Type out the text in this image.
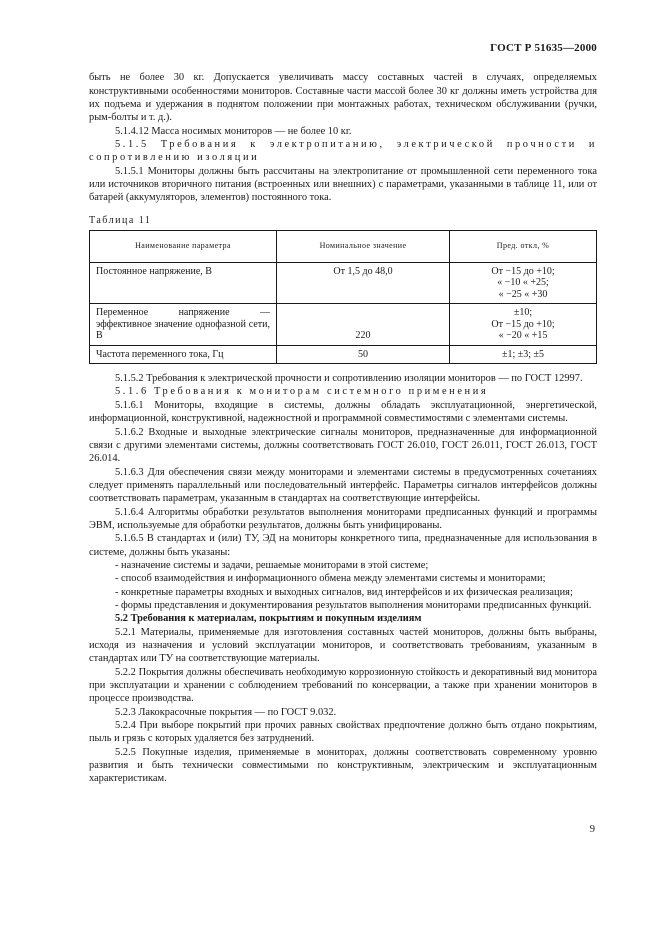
ГОСТ Р 51635—2000

быть не более 30 кг. Допускается увеличивать массу составных частей в случаях, определяемых конструктивными особенностями мониторов. Составные части массой более 30 кг должны иметь устройства для их подъема и удержания в поднятом положении при монтажных работах, техническом обслуживании (ручки, рым-болты и т. д.).

5.1.4.12 Масса носимых мониторов — не более 10 кг.

5.1.5 Требования к электропитанию, электрической прочности и сопротивлению изоляции

5.1.5.1 Мониторы должны быть рассчитаны на электропитание от промышленной сети переменного тока или источников вторичного питания (встроенных или внешних) с параметрами, указанными в таблице 11, или от батарей (аккумуляторов, элементов) постоянного тока.

Таблица 11
Наименование параметра	Номинальное значение	Пред. откл, %
Постоянное напряжение, В	От 1,5 до 48,0	От −15 до +10;
« −10 « +25;
« −25 « +30

Переменное напряжение — эффективное значение однофазной сети, В	220	±10;
От −15 до +10;
« −20 « +15

Частота переменного тока, Гц	50	±1; ±3; ±5

5.1.5.2 Требования к электрической прочности и сопротивлению изоляции мониторов — по ГОСТ 12997.

5.1.6 Требования к мониторам системного применения

5.1.6.1 Мониторы, входящие в системы, должны обладать эксплуатационной, энергетической, информационной, конструктивной, надежностной и программной совместимостями с элементами системы.

5.1.6.2 Входные и выходные электрические сигналы мониторов, предназначенные для информационной связи с другими элементами системы, должны соответствовать ГОСТ 26.010, ГОСТ 26.011, ГОСТ 26.013, ГОСТ 26.014.

5.1.6.3 Для обеспечения связи между мониторами и элементами системы в предусмотренных сочетаниях следует применять параллельный или последовательный интерфейс. Параметры сигналов интерфейсов должны соответствовать параметрам, указанным в стандартах на соответствующие интерфейсы.

5.1.6.4 Алгоритмы обработки результатов выполнения мониторами предписанных функций и программы ЭВМ, используемые для обработки результатов, должны быть унифицированы.

5.1.6.5 В стандартах и (или) ТУ, ЭД на мониторы конкретного типа, предназначенные для использования в системе, должны быть указаны:

- назначение системы и задачи, решаемые мониторами в этой системе;

- способ взаимодействия и информационного обмена между элементами системы и мониторами;

- конкретные параметры входных и выходных сигналов, вид интерфейсов и их физическая реализация;

- формы представления и документирования результатов выполнения мониторами предписанных функций.

5.2 Требования к материалам, покрытиям и покупным изделиям

5.2.1 Материалы, применяемые для изготовления составных частей мониторов, должны быть выбраны, исходя из назначения и условий эксплуатации мониторов, и соответствовать требованиям, указанным в стандартах или ТУ на соответствующие материалы.

5.2.2 Покрытия должны обеспечивать необходимую коррозионную стойкость и декоративный вид монитора при эксплуатации и хранении с соблюдением требований по консервации, а также при хранении мониторов в процессе производства.

5.2.3 Лакокрасочные покрытия — по ГОСТ 9.032.

5.2.4 При выборе покрытий при прочих равных свойствах предпочтение должно быть отдано покрытиям, пыль и грязь с которых удаляется без затруднений.

5.2.5 Покупные изделия, применяемые в мониторах, должны соответствовать современному уровню развития и быть технически совместимыми по конструктивным, электрическим и эксплуатационным характеристикам.

9
